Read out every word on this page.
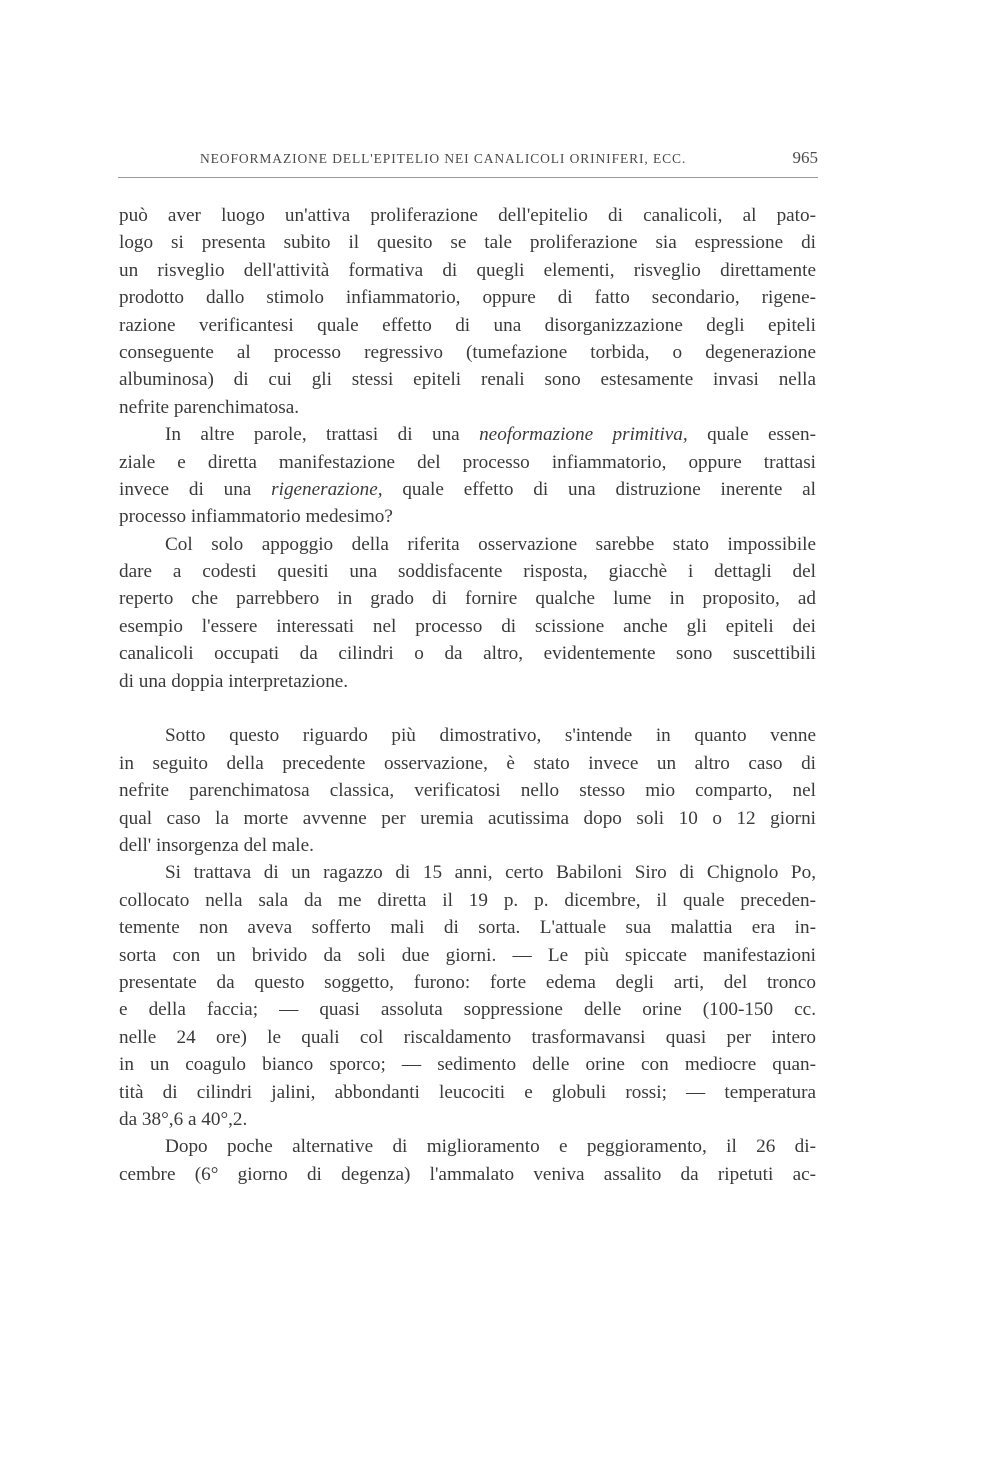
NEOFORMAZIONE DELL'EPITELIO NEI CANALICOLI ORINIFERI, ECC.	965
può aver luogo un'attiva proliferazione dell'epitelio di canalicoli, al pato-
logo si presenta subito il quesito se tale proliferazione sia espressione di
un risveglio dell'attività formativa di quegli elementi, risveglio direttamente
prodotto dallo stimolo infiammatorio, oppure di fatto secondario, rigene-
razione verificantesi quale effetto di una disorganizzazione degli epiteli
conseguente al processo regressivo (tumefazione torbida, o degenerazione
albuminosa) di cui gli stessi epiteli renali sono estesamente invasi nella
nefrite parenchimatosa.
In altre parole, trattasi di una neoformazione primitiva, quale essen-
ziale e diretta manifestazione del processo infiammatorio, oppure trattasi
invece di una rigenerazione, quale effetto di una distruzione inerente al
processo infiammatorio medesimo?
Col solo appoggio della riferita osservazione sarebbe stato impossibile
dare a codesti quesiti una soddisfacente risposta, giacchè i dettagli del
reperto che parrebbero in grado di fornire qualche lume in proposito, ad
esempio l'essere interessati nel processo di scissione anche gli epiteli dei
canalicoli occupati da cilindri o da altro, evidentemente sono suscettibili
di una doppia interpretazione.
Sotto questo riguardo più dimostrativo, s'intende in quanto venne
in seguito della precedente osservazione, è stato invece un altro caso di
nefrite parenchimatosa classica, verificatosi nello stesso mio comparto, nel
qual caso la morte avvenne per uremia acutissima dopo soli 10 o 12 giorni
dell' insorgenza del male.
Si trattava di un ragazzo di 15 anni, certo Babiloni Siro di Chignolo Po,
collocato nella sala da me diretta il 19 p. p. dicembre, il quale preceden-
temente non aveva sofferto mali di sorta. L'attuale sua malattia era in-
sorta con un brivido da soli due giorni. — Le più spiccate manifestazioni
presentate da questo soggetto, furono: forte edema degli arti, del tronco
e della faccia; — quasi assoluta soppressione delle orine (100-150 cc.
nelle 24 ore) le quali col riscaldamento trasformavansi quasi per intero
in un coagulo bianco sporco; — sedimento delle orine con mediocre quan-
tità di cilindri jalini, abbondanti leucociti e globuli rossi; — temperatura
da 38°,6 a 40°,2.
Dopo poche alternative di miglioramento e peggioramento, il 26 di-
cembre (6° giorno di degenza) l'ammalato veniva assalito da ripetuti ac-
